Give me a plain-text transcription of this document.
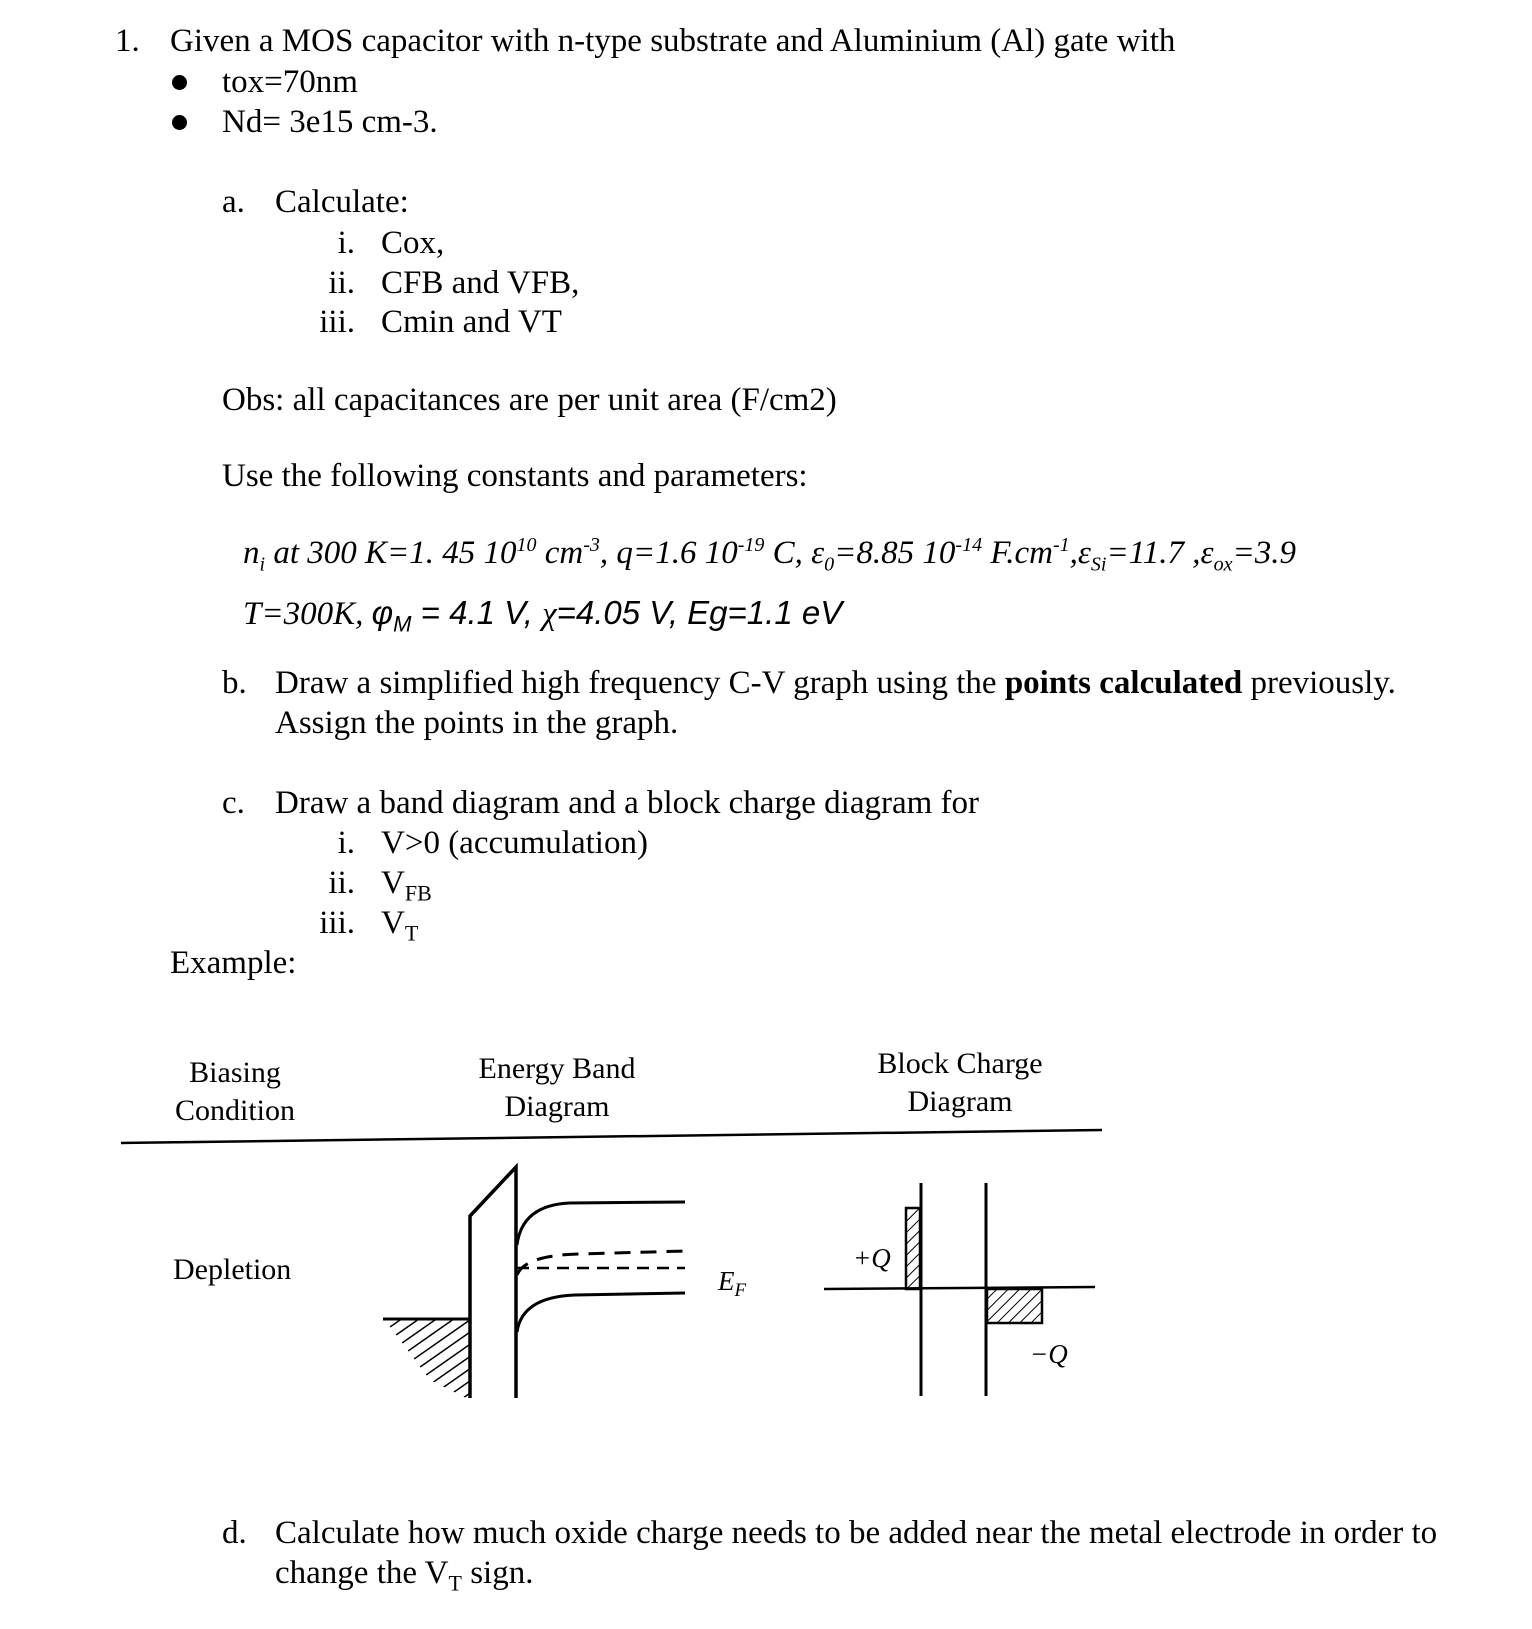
1. Given a MOS capacitor with n-type substrate and Aluminium (Al) gate with
tox=70nm
Nd= 3e15 cm-3.
a. Calculate:
i. Cox,
ii. CFB and VFB,
iii. Cmin and VT
Obs: all capacitances are per unit area (F/cm2)
Use the following constants and parameters:
$n_i$ at 300 K=1. 45 $10^{10}$ $cm^{-3}$, q=1.6 $10^{-19}$ C, $\varepsilon_0=8.85$ $10^{-14}$ $F.cm^{-1},\varepsilon_{Si}=11.7$ $,\varepsilon_{ox}=3.9$
T=300K, $\varphi_M = 4.1$ V, χ=4.05 V, Eg=1.1 eV
b. Draw a simplified high frequency C-V graph using the points calculated previously.
Assign the points in the graph.
c. Draw a band diagram and a block charge diagram for
i. V>0 (accumulation)
ii. $V_{FB}$
iii. $V_T$
Example:
Biasing
Condition
Energy Band
Diagram
Block Charge
Diagram
Depletion	$E_F$
+Q
−Q
d. Calculate how much oxide charge needs to be added near the metal electrode in order to
change the $V_T$ sign.
